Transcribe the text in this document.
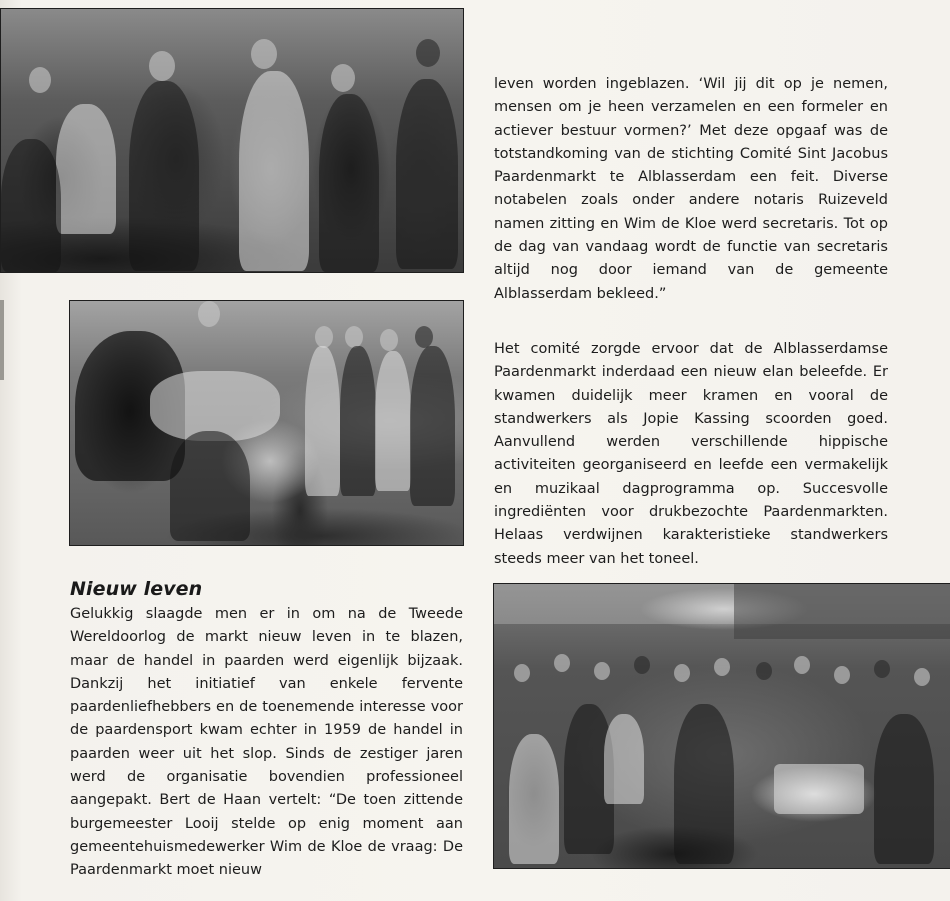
leven worden ingeblazen. ‘Wil jij dit op je nemen, mensen om je heen verzamelen en een formeler en actiever bestuur vormen?’ Met deze opgaaf was de totstandkoming van de stichting Comité Sint Jacobus Paardenmarkt te Alblasserdam een feit. Diverse notabelen zoals onder andere notaris Ruizeveld namen zitting en Wim de Kloe werd secretaris. Tot op de dag van vandaag wordt de functie van secretaris altijd nog door iemand van de gemeente Alblasserdam bekleed.”

Het comité zorgde ervoor dat de Alblasserdamse Paardenmarkt inderdaad een nieuw elan beleefde. Er kwamen duidelijk meer kramen en vooral de standwerkers als Jopie Kassing scoorden goed. Aanvullend werden verschillende hippische activiteiten georganiseerd en leefde een vermakelijk en muzikaal dagprogramma op. Succesvolle ingrediënten voor drukbezochte Paardenmarkten. Helaas verdwijnen karakteristieke standwerkers steeds meer van het toneel.

Nieuw leven

Gelukkig slaagde men er in om na de Tweede Wereldoorlog de markt nieuw leven in te blazen, maar de handel in paarden werd eigenlijk bijzaak. Dankzij het initiatief van enkele fervente paardenliefhebbers en de toenemende interesse voor de paardensport kwam echter in 1959 de handel in paarden weer uit het slop. Sinds de zestiger jaren werd de organisatie bovendien professioneel aangepakt. Bert de Haan vertelt: “De toen zittende burgemeester Looij stelde op enig moment aan gemeentehuismedewerker Wim de Kloe de vraag: De Paardenmarkt moet nieuw
